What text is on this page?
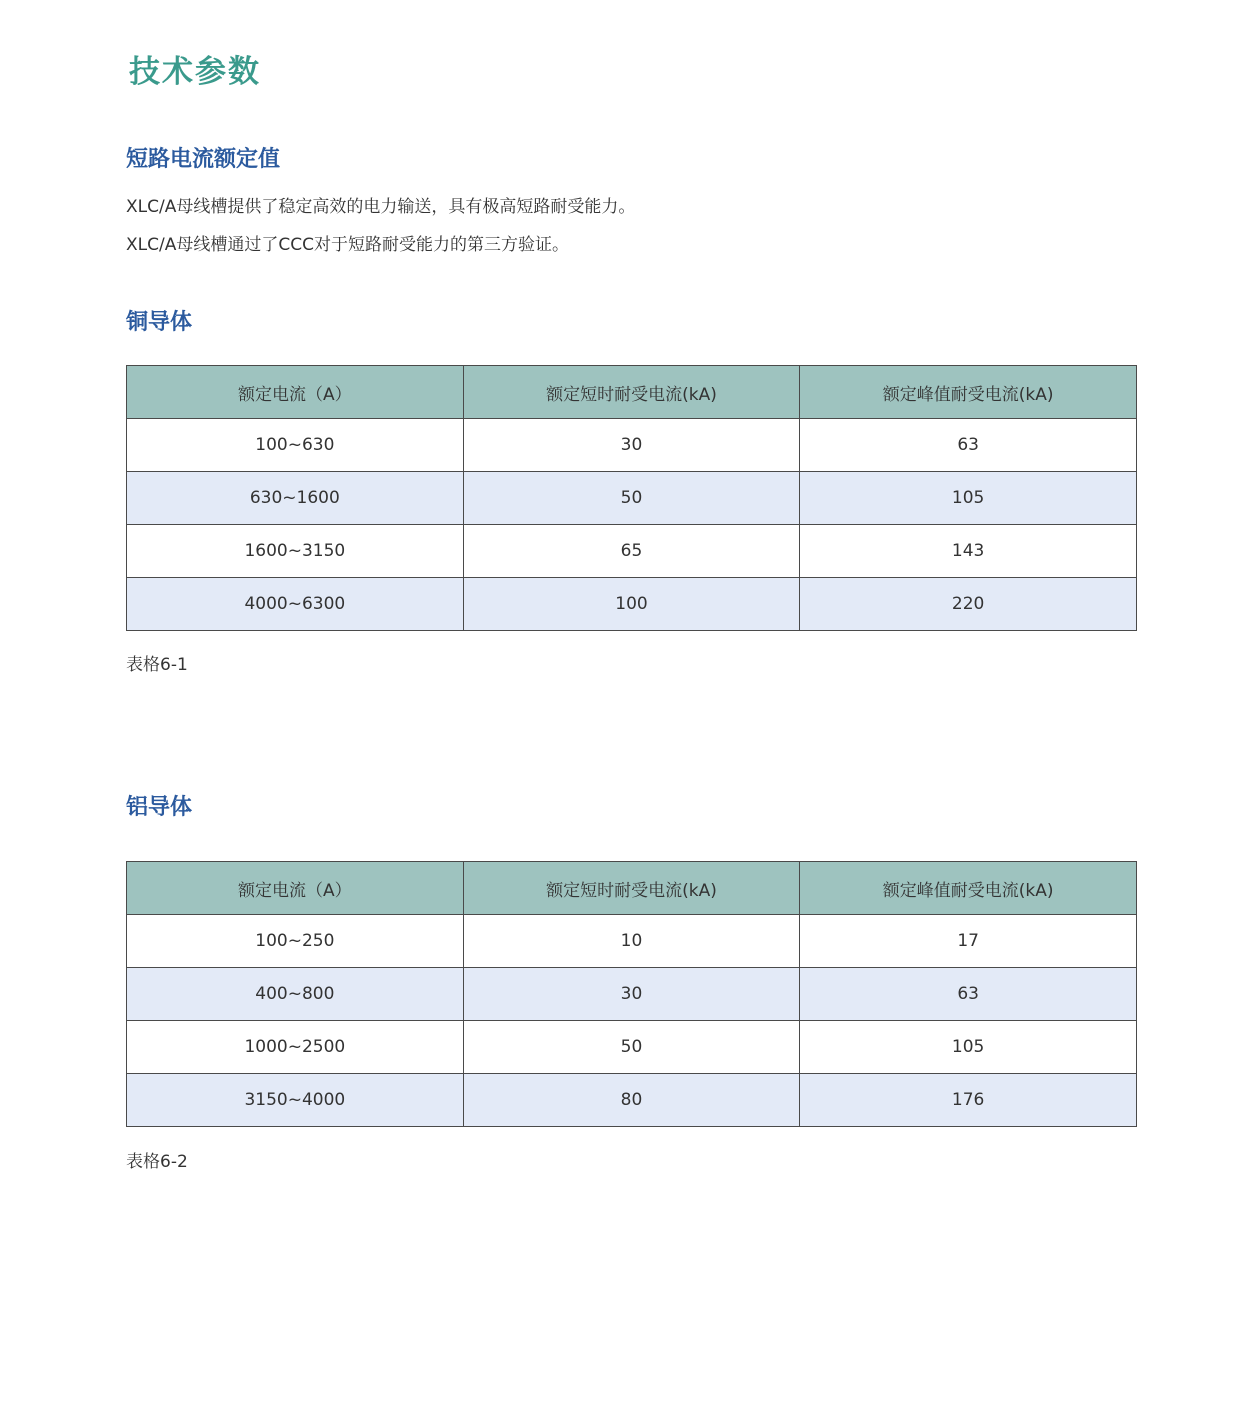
技术参数
短路电流额定值

XLC/A母线槽提供了稳定高效的电力输送，具有极高短路耐受能力。

XLC/A母线槽通过了CCC对于短路耐受能力的第三方验证。

铜导体
额定电流（A）	额定短时耐受电流(kA)	额定峰值耐受电流(kA)
100~630	30	63
630~1600	50	105
1600~3150	65	143
4000~6300	100	220

表格6-1

铝导体
额定电流（A）	额定短时耐受电流(kA)	额定峰值耐受电流(kA)
100~250	10	17
400~800	30	63
1000~2500	50	105
3150~4000	80	176

表格6-2
